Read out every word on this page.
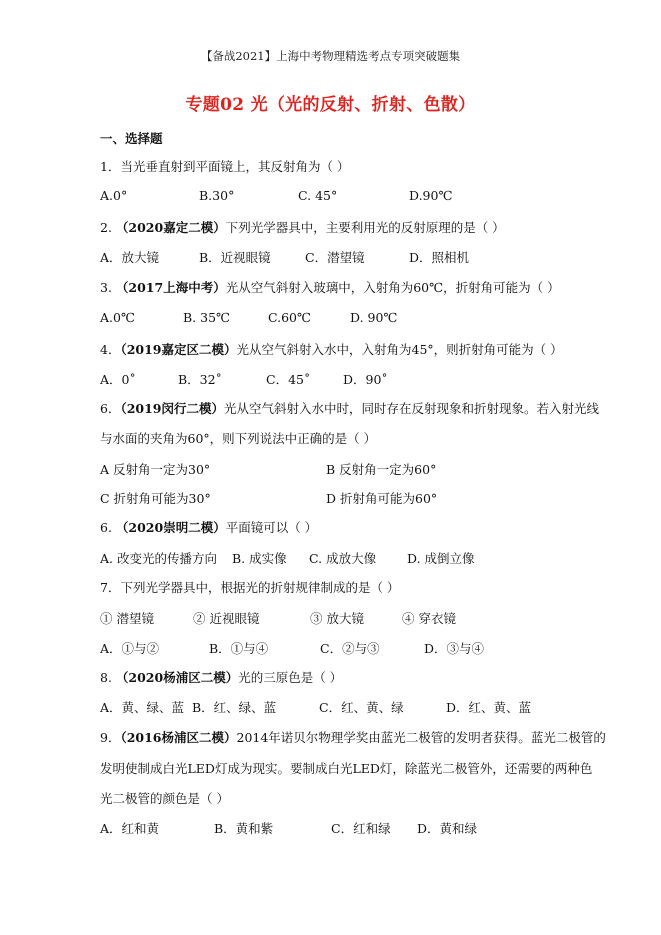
【备战2021】上海中考物理精选考点专项突破题集
专题02 光（光的反射、折射、色散）
一、选择题
1．当光垂直射到平面镜上，其反射角为（ ）
A.0°	B.30°	C. 45°	D.90℃
2. （2020嘉定二模）下列光学器具中，主要利用光的反射原理的是（ ）
A．放大镜	B．近视眼镜	C．潜望镜	D．照相机
3. （2017上海中考）光从空气斜射入玻璃中，入射角为60℃，折射角可能为（ ）
A.0℃	B. 35℃	C.60℃	D. 90℃
4．（2019嘉定区二模）光从空气斜射入水中，入射角为45°，则折射角可能为（ ）
A．0˚	B．32˚	C．45˚	D．90˚
6．（2019闵行二模）光从空气斜射入水中时，同时存在反射现象和折射现象。若入射光线
与水面的夹角为60°，则下列说法中正确的是（ ）
A 反射角一定为30°	B 反射角一定为60°
C 折射角可能为30°	D 折射角可能为60°
6. （2020崇明二模）平面镜可以（ ）
A. 改变光的传播方向 B. 成实像 C. 成放大像 D. 成倒立像
7．下列光学器具中，根据光的折射规律制成的是（ ）
① 潜望镜	② 近视眼镜	③ 放大镜	④ 穿衣镜
A．①与②	B．①与④	C．②与③	D．③与④
8. （2020杨浦区二模）光的三原色是（ ）
A．黄、绿、蓝 B．红、绿、蓝	C．红、黄、绿	D．红、黄、蓝
9．（2016杨浦区二模）2014年诺贝尔物理学奖由蓝光二极管的发明者获得。蓝光二极管的
发明使制成白光LED灯成为现实。要制成白光LED灯，除蓝光二极管外，还需要的两种色
光二极管的颜色是（ ）
A．红和黄	B．黄和紫	C．红和绿 D．黄和绿
